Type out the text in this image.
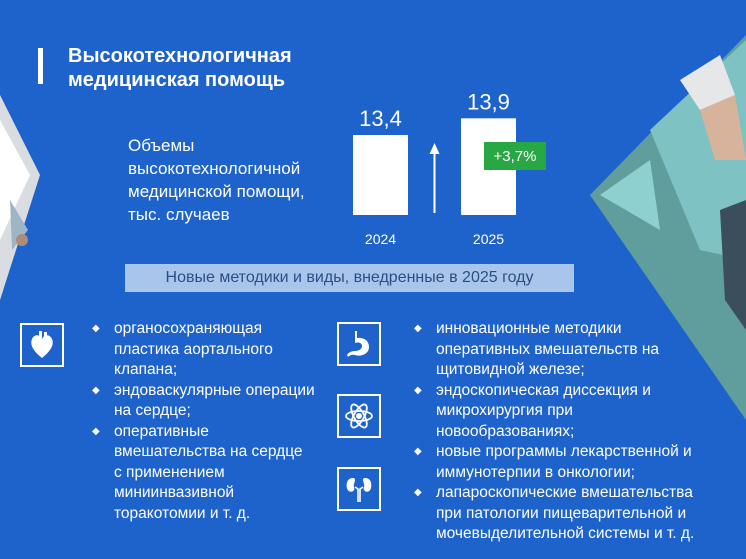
Высокотехнологичная
медицинская помощь
Объемы
высокотехнологичной
медицинской помощи,
тыс. случаев
13,4
2024
13,9
2025
+3,7%
Новые методики и виды, внедренные в 2025 году
◆ органосохраняющая
пластика аортального
клапана;
◆ эндоваскулярные операции
на сердце;
◆ оперативные
вмешательства на сердце
с применением
миниинвазивной
торакотомии и т. д.
◆ инновационные методики
оперативных вмешательств на
щитовидной железе;
◆ эндоскопическая диссекция и
микрохирургия при
новообразованиях;
◆ новые программы лекарственной и
иммунотерпии в онкологии;
◆ лапароскопические вмешательства
при патологии пищеварительной и
мочевыделительной системы и т. д.
